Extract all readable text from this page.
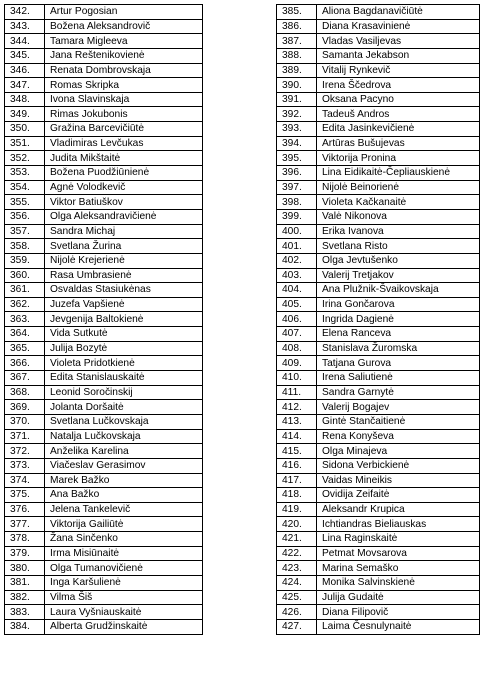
342.	Artur Pogosian
343.	Božena Aleksandrovič
344.	Tamara Migleeva
345.	Jana Reštenikovienė
346.	Renata Dombrovskaja
347.	Romas Skripka
348.	Ivona Slavinskaja
349.	Rimas Jokubonis
350.	Gražina Barcevičiūtė
351.	Vladimiras Levčukas
352.	Judita Mikštaitė
353.	Božena Puodžiūnienė
354.	Agnė Volodkevič
355.	Viktor Batiuškov
356.	Olga Aleksandravičienė
357.	Sandra Michaj
358.	Svetlana Žurina
359.	Nijolė Krejerienė
360.	Rasa Umbrasienė
361.	Osvaldas Stasiukėnas
362.	Juzefa Vapšienė
363.	Jevgenija Baltokienė
364.	Vida Sutkutė
365.	Julija Bozytė
366.	Violeta Pridotkienė
367.	Edita Stanislauskaitė
368.	Leonid Soročinskij
369.	Jolanta Doršaitė
370.	Svetlana Lučkovskaja
371.	Natalja Lučkovskaja
372.	Anželika Karelina
373.	Viačeslav Gerasimov
374.	Marek Bažko
375.	Ana Bažko
376.	Jelena Tankelevič
377.	Viktorija Gailiūtė
378.	Žana Sinčenko
379.	Irma Misiūnaitė
380.	Olga Tumanovičienė
381.	Inga Karšulienė
382.	Vilma Šiš
383.	Laura Vyšniauskaitė
384.	Alberta Grudžinskaitė
385.	Aliona Bagdanavičiūtė
386.	Diana Krasavinienė
387.	Vladas Vasiljevas
388.	Samanta Jekabson
389.	Vitalij Rynkevič
390.	Irena Ščedrova
391.	Oksana Pacyno
392.	Tadeuš Andros
393.	Edita Jasinkevičienė
394.	Artūras Bušujevas
395.	Viktorija Pronina
396.	Lina Eidikaitė-Čepliauskienė
397.	Nijolė Beinorienė
398.	Violeta Kačkanaitė
399.	Valė Nikonova
400.	Erika Ivanova
401.	Svetlana Risto
402.	Olga Jevtušenko
403.	Valerij Tretjakov
404.	Ana Plužnik-Švaikovskaja
405.	Irina Gončarova
406.	Ingrida Dagienė
407.	Elena Ranceva
408.	Stanislava Žuromska
409.	Tatjana Gurova
410.	Irena Saliutienė
411.	Sandra Garnytė
412.	Valerij Bogajev
413.	Gintė Stančaitienė
414.	Rena Konyševa
415.	Olga Minajeva
416.	Sidona Verbickienė
417.	Vaidas Mineikis
418.	Ovidija Zeifaitė
419.	Aleksandr Krupica
420.	Ichtiandras Bieliauskas
421.	Lina Raginskaitė
422.	Petmat Movsarova
423.	Marina Semaško
424.	Monika Salvinskienė
425.	Julija Gudaitė
426.	Diana Filipovič
427.	Laima Česnulynaitė
